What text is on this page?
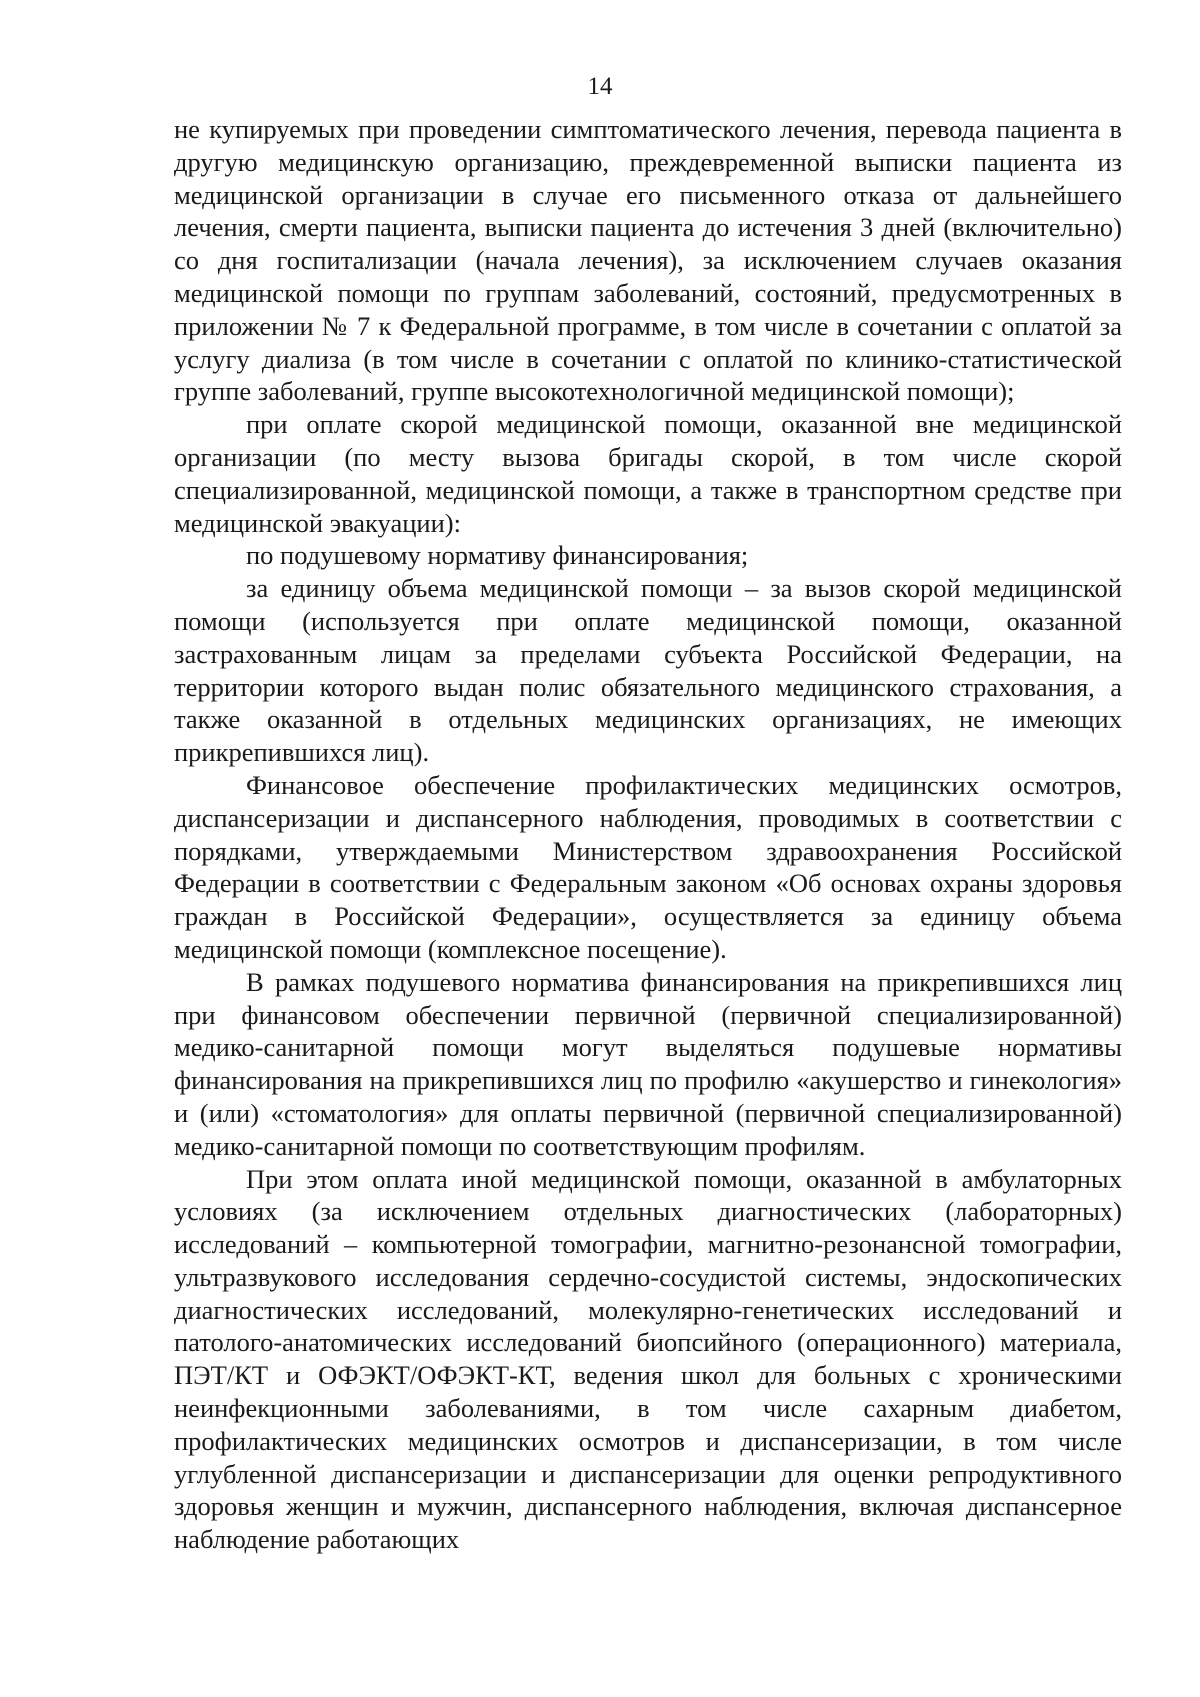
14

не купируемых при проведении симптоматического лечения, перевода пациента в другую медицинскую организацию, преждевременной выписки пациента из медицинской организации в случае его письменного отказа от дальнейшего лечения, смерти пациента, выписки пациента до истечения 3 дней (включительно) со дня госпитализации (начала лечения), за исключением случаев оказания медицинской помощи по группам заболеваний, состояний, предусмотренных в приложении № 7 к Федеральной программе, в том числе в сочетании с оплатой за услугу диализа (в том числе в сочетании с оплатой по клинико-статистической группе заболеваний, группе высокотехнологичной медицинской помощи);

при оплате скорой медицинской помощи, оказанной вне медицинской организации (по месту вызова бригады скорой, в том числе скорой специализированной, медицинской помощи, а также в транспортном средстве при медицинской эвакуации):

по подушевому нормативу финансирования;

за единицу объема медицинской помощи – за вызов скорой медицинской помощи (используется при оплате медицинской помощи, оказанной застрахованным лицам за пределами субъекта Российской Федерации, на территории которого выдан полис обязательного медицинского страхования, а также оказанной в отдельных медицинских организациях, не имеющих прикрепившихся лиц).

Финансовое обеспечение профилактических медицинских осмотров, диспансеризации и диспансерного наблюдения, проводимых в соответствии с порядками, утверждаемыми Министерством здравоохранения Российской Федерации в соответствии с Федеральным законом «Об основах охраны здоровья граждан в Российской Федерации», осуществляется за единицу объема медицинской помощи (комплексное посещение).

В рамках подушевого норматива финансирования на прикрепившихся лиц при финансовом обеспечении первичной (первичной специализированной) медико-санитарной помощи могут выделяться подушевые нормативы финансирования на прикрепившихся лиц по профилю «акушерство и гинекология» и (или) «стоматология» для оплаты первичной (первичной специализированной) медико-санитарной помощи по соответствующим профилям.

При этом оплата иной медицинской помощи, оказанной в амбулаторных условиях (за исключением отдельных диагностических (лабораторных) исследований – компьютерной томографии, магнитно-резонансной томографии, ультразвукового исследования сердечно-сосудистой системы, эндоскопических диагностических исследований, молекулярно-генетических исследований и патолого-анатомических исследований биопсийного (операционного) материала, ПЭТ/КТ и ОФЭКТ/ОФЭКТ-КТ, ведения школ для больных с хроническими неинфекционными заболеваниями, в том числе сахарным диабетом, профилактических медицинских осмотров и диспансеризации, в том числе углубленной диспансеризации и диспансеризации для оценки репродуктивного здоровья женщин и мужчин, диспансерного наблюдения, включая диспансерное наблюдение работающих
